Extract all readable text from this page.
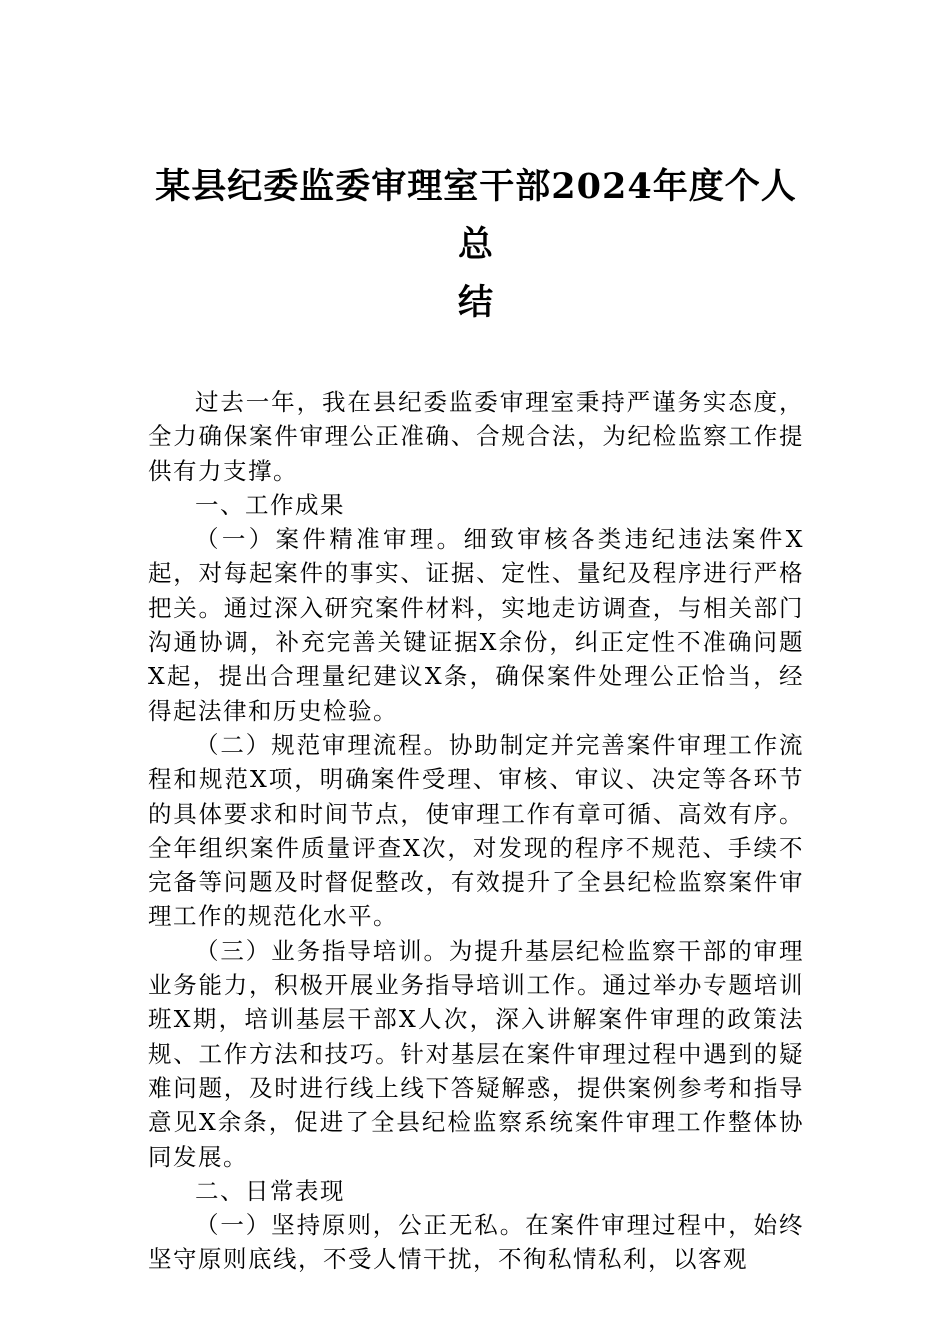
某县纪委监委审理室干部2024年度个人总
结

过去一年，我在县纪委监委审理室秉持严谨务实态度，全力确保案件审理公正准确、合规合法，为纪检监察工作提供有力支撑。

一、工作成果

（一）案件精准审理。细致审核各类违纪违法案件X起，对每起案件的事实、证据、定性、量纪及程序进行严格把关。通过深入研究案件材料，实地走访调查，与相关部门沟通协调，补充完善关键证据X余份，纠正定性不准确问题X起，提出合理量纪建议X条，确保案件处理公正恰当，经得起法律和历史检验。

（二）规范审理流程。协助制定并完善案件审理工作流程和规范X项，明确案件受理、审核、审议、决定等各环节的具体要求和时间节点，使审理工作有章可循、高效有序。全年组织案件质量评查X次，对发现的程序不规范、手续不完备等问题及时督促整改，有效提升了全县纪检监察案件审理工作的规范化水平。

（三）业务指导培训。为提升基层纪检监察干部的审理业务能力，积极开展业务指导培训工作。通过举办专题培训班X期，培训基层干部X人次，深入讲解案件审理的政策法规、工作方法和技巧。针对基层在案件审理过程中遇到的疑难问题，及时进行线上线下答疑解惑，提供案例参考和指导意见X余条，促进了全县纪检监察系统案件审理工作整体协同发展。

二、日常表现

（一）坚持原则，公正无私。在案件审理过程中，始终坚守原则底线，不受人情干扰，不徇私情私利，以客观
